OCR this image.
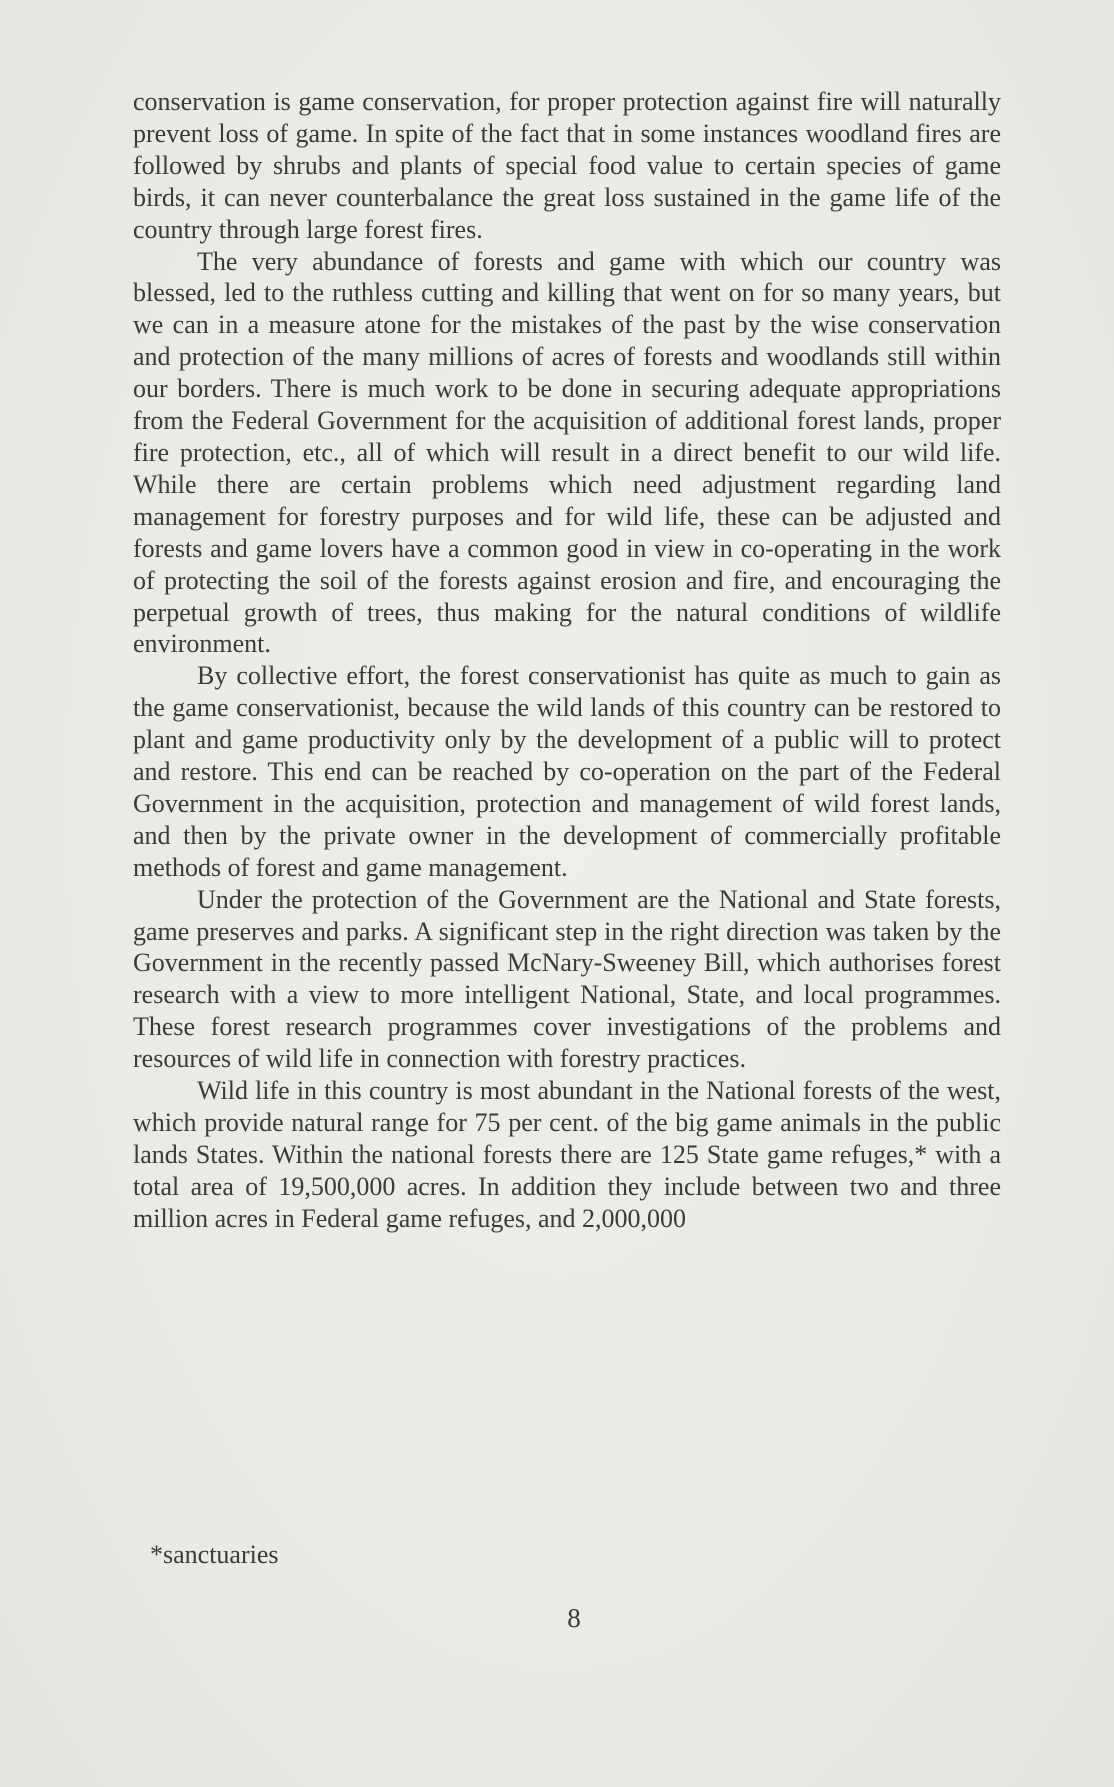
conservation is game conservation, for proper protection against fire will naturally prevent loss of game. In spite of the fact that in some instances woodland fires are followed by shrubs and plants of special food value to certain species of game birds, it can never counterbalance the great loss sustained in the game life of the country through large forest fires.

The very abundance of forests and game with which our country was blessed, led to the ruthless cutting and killing that went on for so many years, but we can in a measure atone for the mistakes of the past by the wise conservation and protection of the many millions of acres of forests and woodlands still within our borders. There is much work to be done in securing adequate appropriations from the Federal Government for the acquisition of additional forest lands, proper fire protection, etc., all of which will result in a direct benefit to our wild life. While there are certain problems which need adjustment regarding land management for forestry purposes and for wild life, these can be adjusted and forests and game lovers have a common good in view in co-operating in the work of protecting the soil of the forests against erosion and fire, and encouraging the perpetual growth of trees, thus making for the natural conditions of wildlife environment.

By collective effort, the forest conservationist has quite as much to gain as the game conservationist, because the wild lands of this country can be restored to plant and game productivity only by the development of a public will to protect and restore. This end can be reached by co-operation on the part of the Federal Government in the acquisition, protection and management of wild forest lands, and then by the private owner in the development of commercially profitable methods of forest and game management.

Under the protection of the Government are the National and State forests, game preserves and parks. A significant step in the right direction was taken by the Government in the recently passed McNary-Sweeney Bill, which authorises forest research with a view to more intelligent National, State, and local programmes. These forest research programmes cover investigations of the problems and resources of wild life in connection with forestry practices.

Wild life in this country is most abundant in the National forests of the west, which provide natural range for 75 per cent. of the big game animals in the public lands States. Within the national forests there are 125 State game refuges,* with a total area of 19,500,000 acres. In addition they include between two and three million acres in Federal game refuges, and 2,000,000

*sanctuaries

8
